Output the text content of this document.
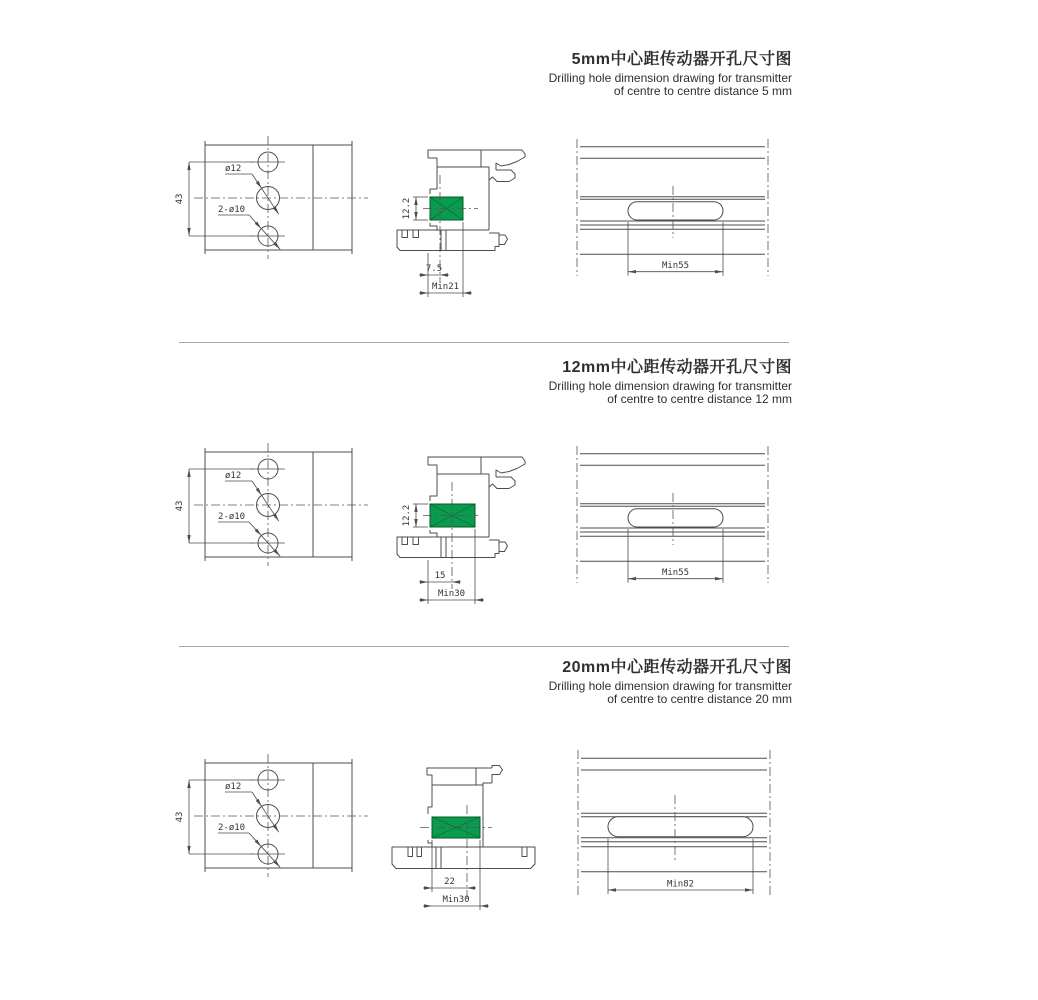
5mm中心距传动器开孔尺寸图
Drilling hole dimension drawing for transmitter
of centre to centre distance 5 mm
43
ø12
2-ø10	12.2
7.5
Min21
Min55
12mm中心距传动器开孔尺寸图
Drilling hole dimension drawing for transmitter
of centre to centre distance 12 mm
43
ø12
2-ø10	12.2
15
Min30
Min55
20mm中心距传动器开孔尺寸图
Drilling hole dimension drawing for transmitter
of centre to centre distance 20 mm
43
ø12
2-ø10
22
Min30
Min82
